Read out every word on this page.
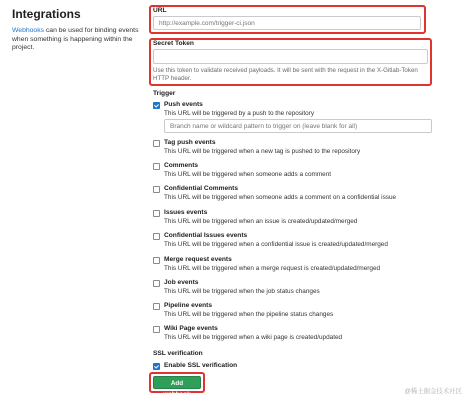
Integrations

Webhooks can be used for binding events when something is happening within the project.

URL
http://example.com/trigger-ci.json
Secret Token
Use this token to validate received payloads. It will be sent with the request in the X-Gitlab-Token HTTP header.
Trigger
Push events
This URL will be triggered by a push to the repository
Tag push events
This URL will be triggered when a new tag is pushed to the repository
Comments
This URL will be triggered when someone adds a comment
Confidential Comments
This URL will be triggered when someone adds a comment on a confidential issue
Issues events
This URL will be triggered when an issue is created/updated/merged
Confidential Issues events
This URL will be triggered when a confidential issue is created/updated/merged
Merge request events
This URL will be triggered when a merge request is created/updated/merged
Job events
This URL will be triggered when the job status changes
Pipeline events
This URL will be triggered when the pipeline status changes
Wiki Page events
This URL will be triggered when a wiki page is created/updated
Branch name or wildcard pattern to trigger on (leave blank for all)
SSL verification
Enable SSL verification
Add webhook	@稀土掘金技术社区
